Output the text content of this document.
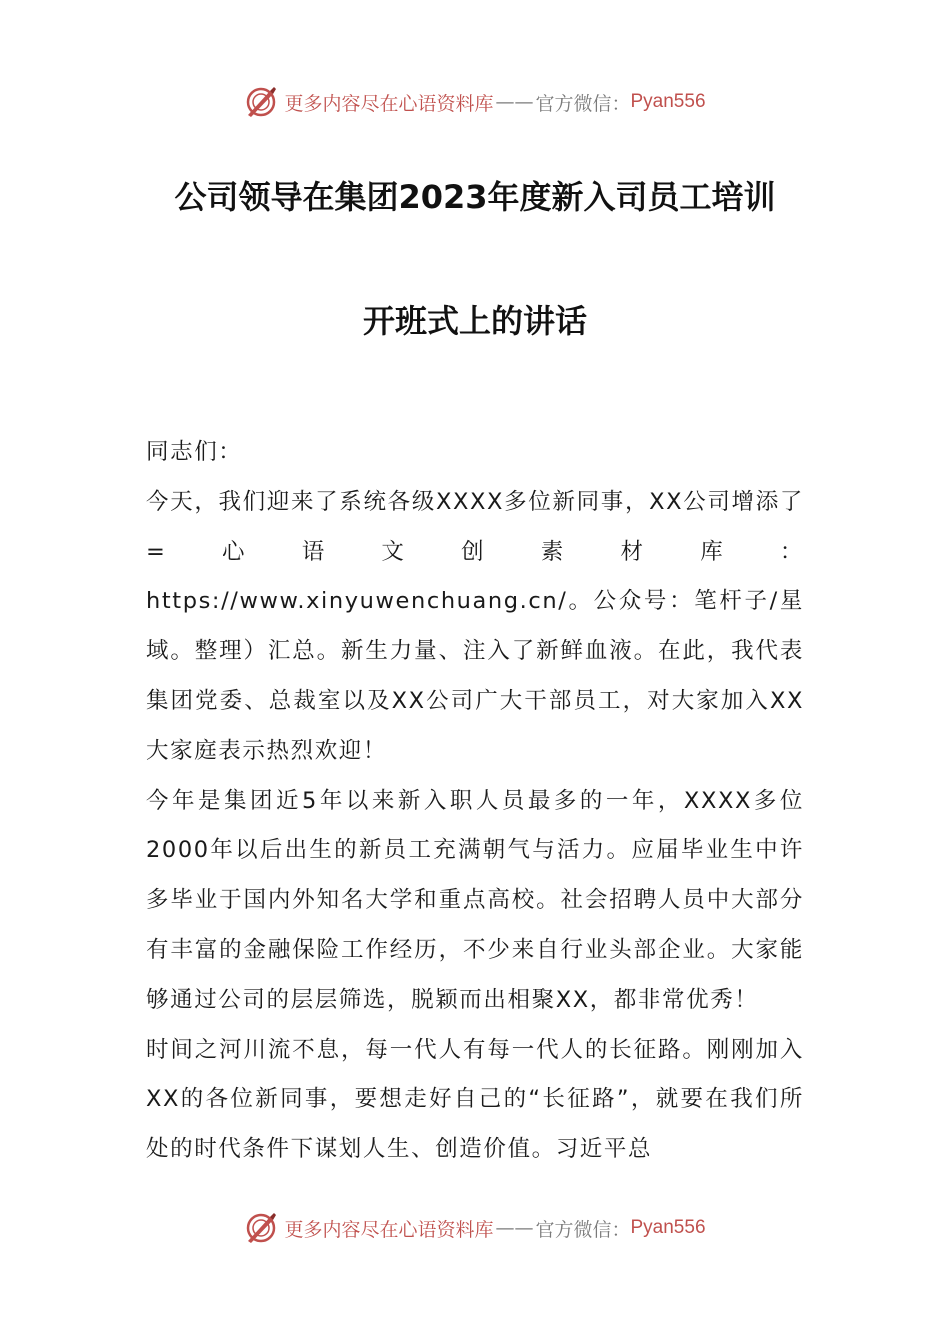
更多内容尽在心语资料库 —— 官方微信： Pyan556
公司领导在集团2023年度新入司员工培训
开班式上的讲话

同志们：

今天，我们迎来了系统各级XXXX多位新同事，XX公司增添了=心语文创素材库：https://www.xinyuwenchuang.cn/。公众号：笔杆子/星域。整理）汇总。新生力量、注入了新鲜血液。在此，我代表集团党委、总裁室以及XX公司广大干部员工，对大家加入XX大家庭表示热烈欢迎！

今年是集团近5年以来新入职人员最多的一年，XXXX多位2000年以后出生的新员工充满朝气与活力。应届毕业生中许多毕业于国内外知名大学和重点高校。社会招聘人员中大部分有丰富的金融保险工作经历，不少来自行业头部企业。大家能够通过公司的层层筛选，脱颖而出相聚XX，都非常优秀！

时间之河川流不息，每一代人有每一代人的长征路。刚刚加入XX的各位新同事，要想走好自己的“长征路”，就要在我们所处的时代条件下谋划人生、创造价值。习近平总

更多内容尽在心语资料库 —— 官方微信： Pyan556
